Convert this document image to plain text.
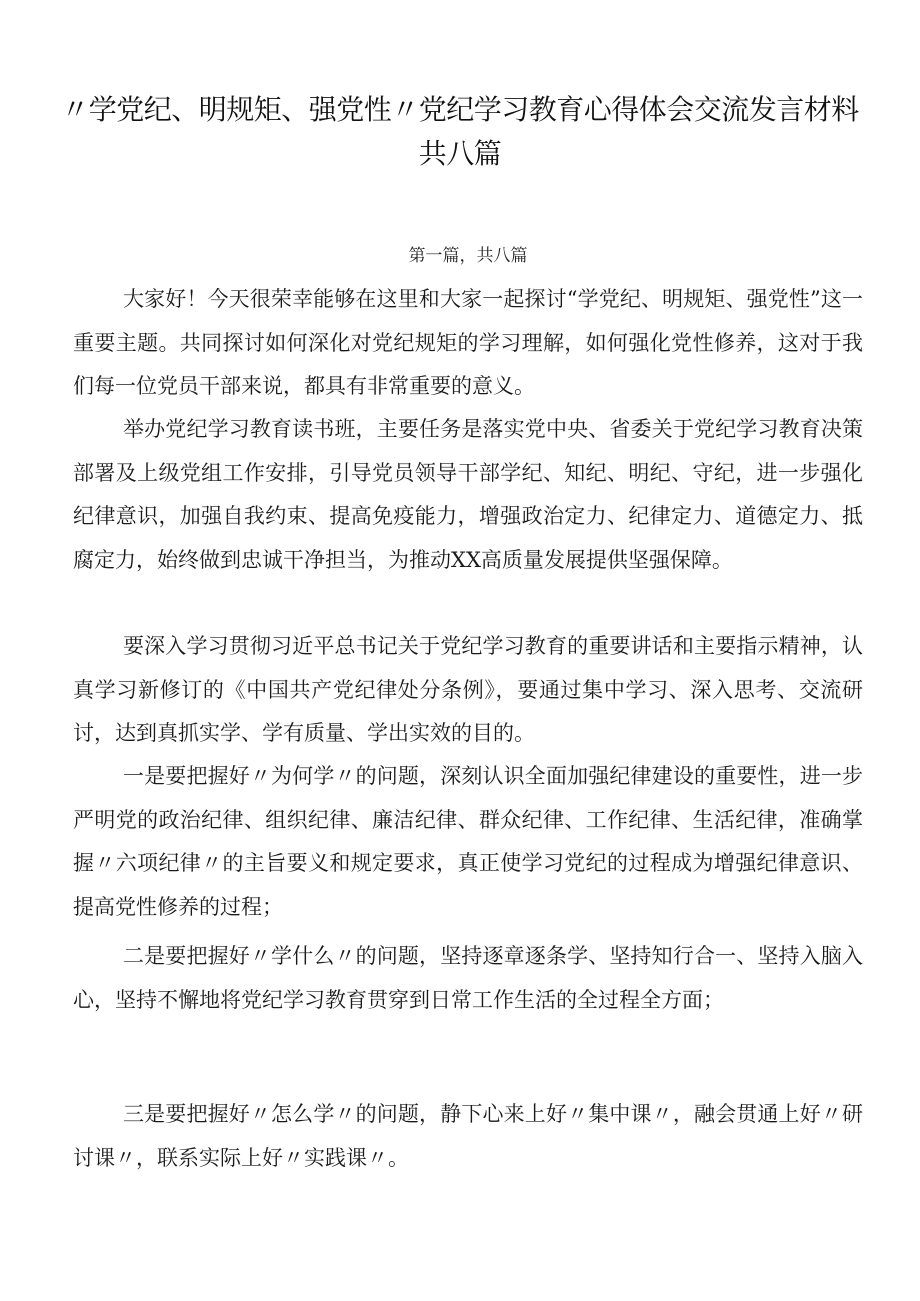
〃学党纪、明规矩、强党性〃党纪学习教育心得体会交流发言材料共八篇
第一篇，共八篇

大家好！今天很荣幸能够在这里和大家一起探讨“学党纪、明规矩、强党性”这一重要主题。共同探讨如何深化对党纪规矩的学习理解，如何强化党性修养，这对于我们每一位党员干部来说，都具有非常重要的意义。

举办党纪学习教育读书班，主要任务是落实党中央、省委关于党纪学习教育决策部署及上级党组工作安排，引导党员领导干部学纪、知纪、明纪、守纪，进一步强化纪律意识，加强自我约束、提高免疫能力，增强政治定力、纪律定力、道德定力、抵腐定力，始终做到忠诚干净担当，为推动XX高质量发展提供坚强保障。

要深入学习贯彻习近平总书记关于党纪学习教育的重要讲话和主要指示精神，认真学习新修订的《中国共产党纪律处分条例》，要通过集中学习、深入思考、交流研讨，达到真抓实学、学有质量、学出实效的目的。

一是要把握好〃为何学〃的问题，深刻认识全面加强纪律建设的重要性，进一步严明党的政治纪律、组织纪律、廉洁纪律、群众纪律、工作纪律、生活纪律，准确掌握〃六项纪律〃的主旨要义和规定要求，真正使学习党纪的过程成为增强纪律意识、提高党性修养的过程；

二是要把握好〃学什么〃的问题，坚持逐章逐条学、坚持知行合一、坚持入脑入心，坚持不懈地将党纪学习教育贯穿到日常工作生活的全过程全方面；

三是要把握好〃怎么学〃的问题，静下心来上好〃集中课〃，融会贯通上好〃研讨课〃，联系实际上好〃实践课〃。
